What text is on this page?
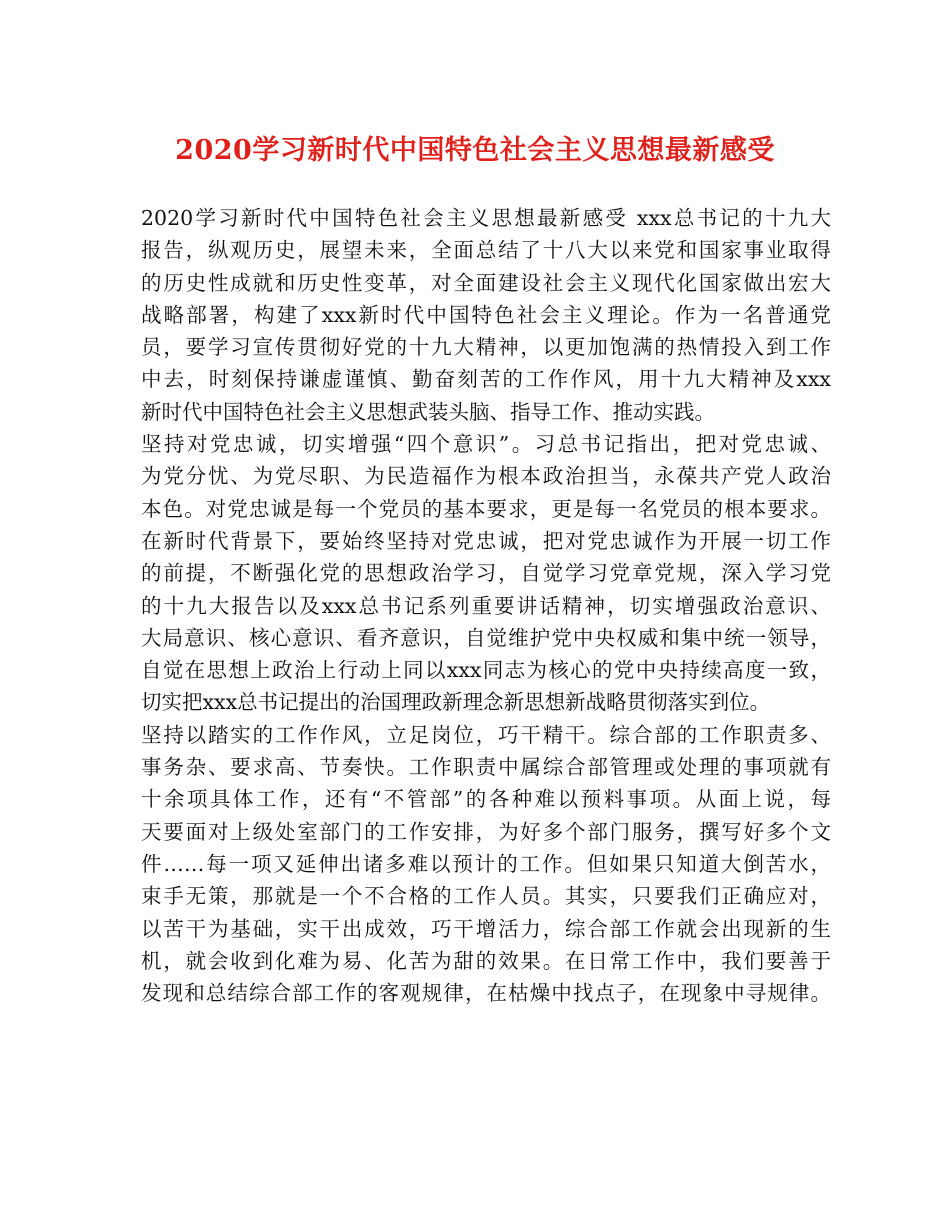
2020学习新时代中国特色社会主义思想最新感受
2020学习新时代中国特色社会主义思想最新感受 xxx总书记的十九大
报告，纵观历史，展望未来，全面总结了十八大以来党和国家事业取得
的历史性成就和历史性变革，对全面建设社会主义现代化国家做出宏大
战略部署，构建了xxx新时代中国特色社会主义理论。作为一名普通党
员，要学习宣传贯彻好党的十九大精神，以更加饱满的热情投入到工作
中去，时刻保持谦虚谨慎、勤奋刻苦的工作作风，用十九大精神及xxx
新时代中国特色社会主义思想武装头脑、指导工作、推动实践。
坚持对党忠诚，切实增强“四个意识”。习总书记指出，把对党忠诚、
为党分忧、为党尽职、为民造福作为根本政治担当，永葆共产党人政治
本色。对党忠诚是每一个党员的基本要求，更是每一名党员的根本要求。
在新时代背景下，要始终坚持对党忠诚，把对党忠诚作为开展一切工作
的前提，不断强化党的思想政治学习，自觉学习党章党规，深入学习党
的十九大报告以及xxx总书记系列重要讲话精神，切实增强政治意识、
大局意识、核心意识、看齐意识，自觉维护党中央权威和集中统一领导，
自觉在思想上政治上行动上同以xxx同志为核心的党中央持续高度一致，
切实把xxx总书记提出的治国理政新理念新思想新战略贯彻落实到位。
坚持以踏实的工作作风，立足岗位，巧干精干。综合部的工作职责多、
事务杂、要求高、节奏快。工作职责中属综合部管理或处理的事项就有
十余项具体工作，还有“不管部”的各种难以预料事项。从面上说，每
天要面对上级处室部门的工作安排，为好多个部门服务，撰写好多个文
件……每一项又延伸出诸多难以预计的工作。但如果只知道大倒苦水，
束手无策，那就是一个不合格的工作人员。其实，只要我们正确应对，
以苦干为基础，实干出成效，巧干增活力，综合部工作就会出现新的生
机，就会收到化难为易、化苦为甜的效果。在日常工作中，我们要善于
发现和总结综合部工作的客观规律，在枯燥中找点子，在现象中寻规律。
